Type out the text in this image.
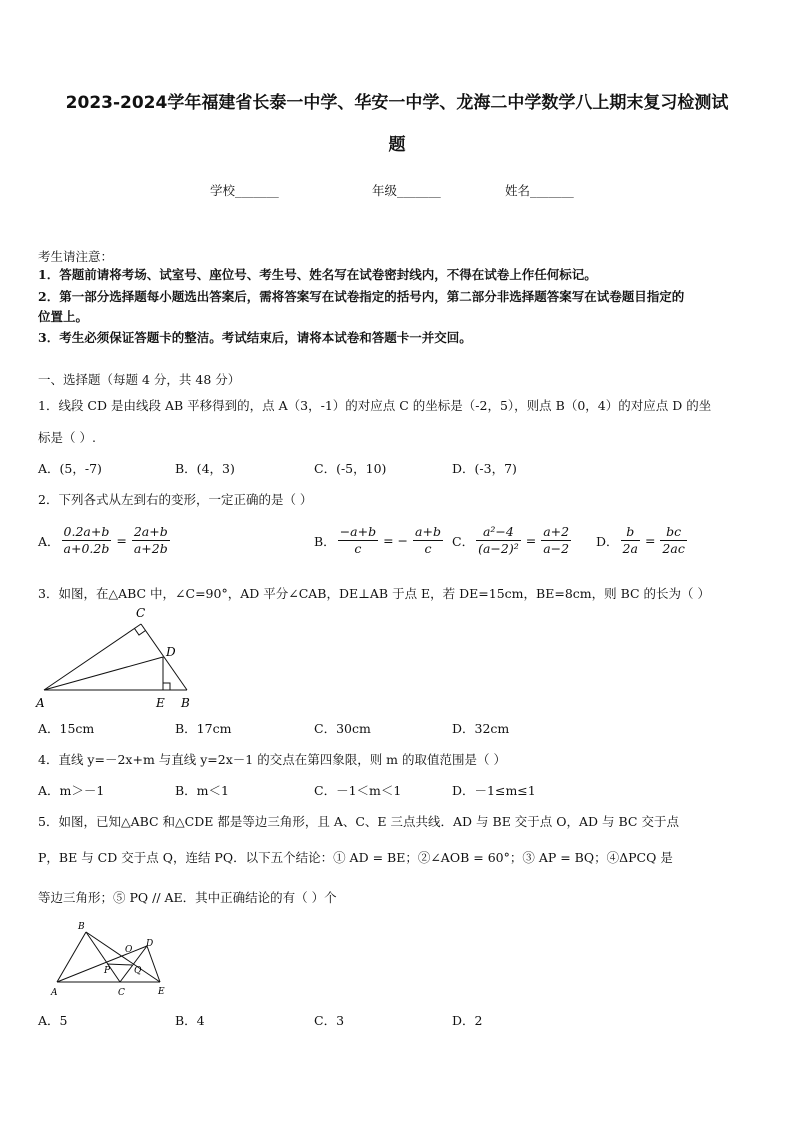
2023-2024学年福建省长泰一中学、华安一中学、龙海二中学数学八上期末复习检测试
题
学校_______	年级_______	姓名_______
考生请注意：
1．答题前请将考场、试室号、座位号、考生号、姓名写在试卷密封线内，不得在试卷上作任何标记。
2．第一部分选择题每小题选出答案后，需将答案写在试卷指定的括号内，第二部分非选择题答案写在试卷题目指定的
位置上。
3．考生必须保证答题卡的整洁。考试结束后，请将本试卷和答题卡一并交回。
一、选择题（每题 4 分，共 48 分）
1．线段 CD 是由线段 AB 平移得到的，点 A（3，-1）的对应点 C 的坐标是（-2，5），则点 B（0，4）的对应点 D 的坐
标是（ ）.
A．(5，-7)	B．(4，3)	C．(-5，10)	D．(-3，7)
2．下列各式从左到右的变形，一定正确的是（ ）
A． $\frac{0.2a+b}{a+0.2b} = \frac{2a+b}{a+2b}$	B． $\frac{-a+b}{c}$ = − $\frac{a+b}{c}$ C． $\frac{\text{a²−4}}{\text{(a−2)²}} = \frac{a+2}{a-2}$ D． $\frac{b}{2a} = \frac{bc}{2ac}$
3．如图，在△ABC 中，∠C=90°，AD 平分∠CAB，DE⊥AB 于点 E，若 DE=15cm，BE=8cm，则 BC 的长为（ ）
C
D
A	E B
A．15cm	B．17cm	C．30cm	D．32cm
4．直线 y=－2x+m 与直线 y=2x－1 的交点在第四象限，则 m 的取值范围是（ ）
A．m＞－1	B．m＜1	C．－1＜m＜1	D．－1≤m≤1
5．如图，已知△ABC 和△CDE 都是等边三角形，且 A、C、E 三点共线．AD 与 BE 交于点 O，AD 与 BC 交于点
P，BE 与 CD 交于点 Q，连结 PQ．以下五个结论：① AD = BE；②∠AOB = 60°；③ AP = BQ；④ΔPCQ 是
等边三角形；⑤ PQ // AE．其中正确结论的有（ ）个
B
O
D
P	Q
A	C	E
A．5	B．4	C．3	D．2
